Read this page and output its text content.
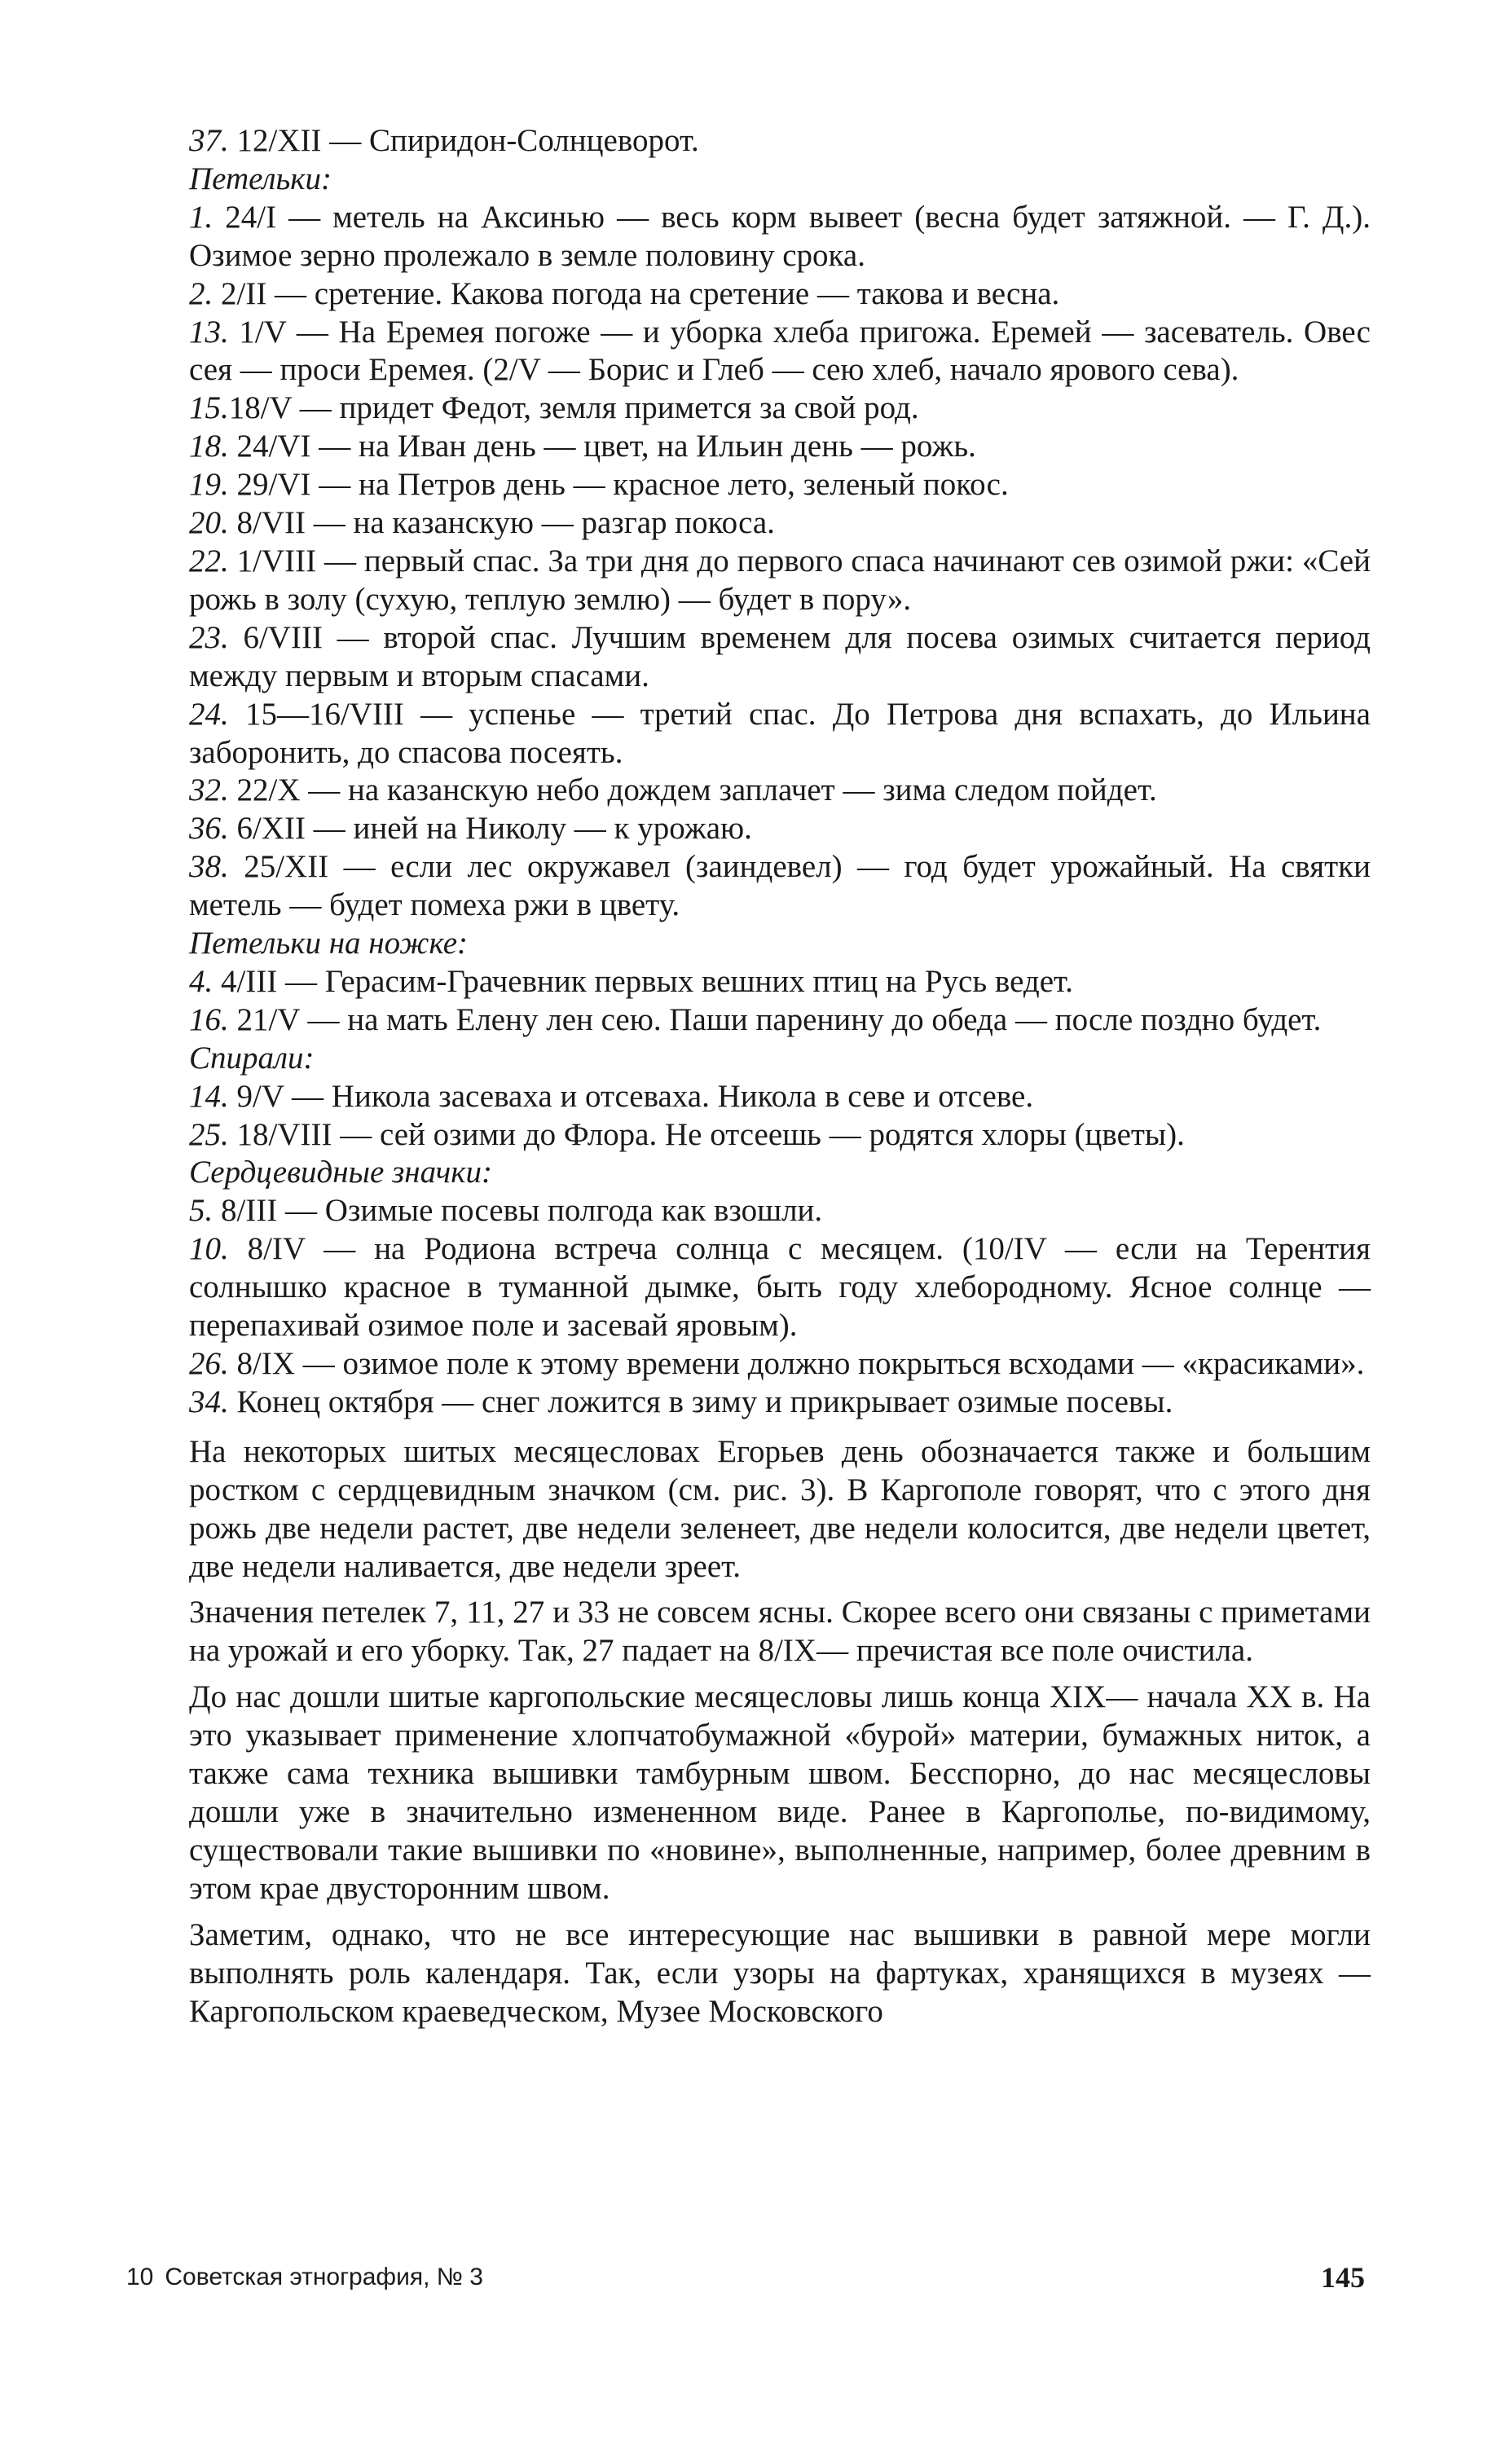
37. 12/XII — Спиридон-Солнцеворот.

Петельки:

1. 24/I — метель на Аксинью — весь корм вывеет (весна будет затяжной. — Г. Д.). Озимое зерно пролежало в земле половину срока.

2. 2/II — сретение. Какова погода на сретение — такова и весна.

13. 1/V — На Еремея погоже — и уборка хлеба пригожа. Еремей — засеватель. Овес сея — проси Еремея. (2/V — Борис и Глеб — сею хлеб, начало ярового сева).

15.18/V — придет Федот, земля примется за свой род.

18. 24/VI — на Иван день — цвет, на Ильин день — рожь.

19. 29/VI — на Петров день — красное лето, зеленый покос.

20. 8/VII — на казанскую — разгар покоса.

22. 1/VIII — первый спас. За три дня до первого спаса начинают сев озимой ржи: «Сей рожь в золу (сухую, теплую землю) — будет в пору».

23. 6/VIII — второй спас. Лучшим временем для посева озимых считается период между первым и вторым спасами.

24. 15—16/VIII — успенье — третий спас. До Петрова дня вспахать, до Ильина заборонить, до спасова посеять.

32. 22/X — на казанскую небо дождем заплачет — зима следом пойдет.

36. 6/XII — иней на Николу — к урожаю.

38. 25/XII — если лес окружавел (заиндевел) — год будет урожайный. На святки метель — будет помеха ржи в цвету.

Петельки на ножке:

4. 4/III — Герасим-Грачевник первых вешних птиц на Русь ведет.

16. 21/V — на мать Елену лен сею. Паши паренину до обеда — после поздно будет.

Спирали:

14. 9/V — Никола засеваха и отсеваха. Никола в севе и отсеве.

25. 18/VIII — сей озими до Флора. Не отсеешь — родятся хлоры (цветы).

Сердцевидные значки:

5. 8/III — Озимые посевы полгода как взошли.

10. 8/IV — на Родиона встреча солнца с месяцем. (10/IV — если на Терентия солнышко красное в туманной дымке, быть году хлебородному. Ясное солнце — перепахивай озимое поле и засевай яровым).

26. 8/IX — озимое поле к этому времени должно покрыться всходами — «красиками».

34. Конец октября — снег ложится в зиму и прикрывает озимые посевы.

На некоторых шитых месяцесловах Егорьев день обозначается также и большим ростком с сердцевидным значком (см. рис. 3). В Каргополе говорят, что с этого дня рожь две недели растет, две недели зеленеет, две недели колосится, две недели цветет, две недели наливается, две недели зреет.

Значения петелек 7, 11, 27 и 33 не совсем ясны. Скорее всего они связаны с приметами на урожай и его уборку. Так, 27 падает на 8/IX— пречистая все поле очистила.

До нас дошли шитые каргопольские месяцесловы лишь конца XIX— начала XX в. На это указывает применение хлопчатобумажной «бурой» материи, бумажных ниток, а также сама техника вышивки тамбурным швом. Бесспорно, до нас месяцесловы дошли уже в значительно измененном виде. Ранее в Каргополье, по-видимому, существовали такие вышивки по «новине», выполненные, например, более древним в этом крае двусторонним швом.

Заметим, однако, что не все интересующие нас вышивки в равной мере могли выполнять роль календаря. Так, если узоры на фартуках, хранящихся в музеях — Каргопольском краеведческом, Музее Московского

10 Советская этнография, № 3	145
